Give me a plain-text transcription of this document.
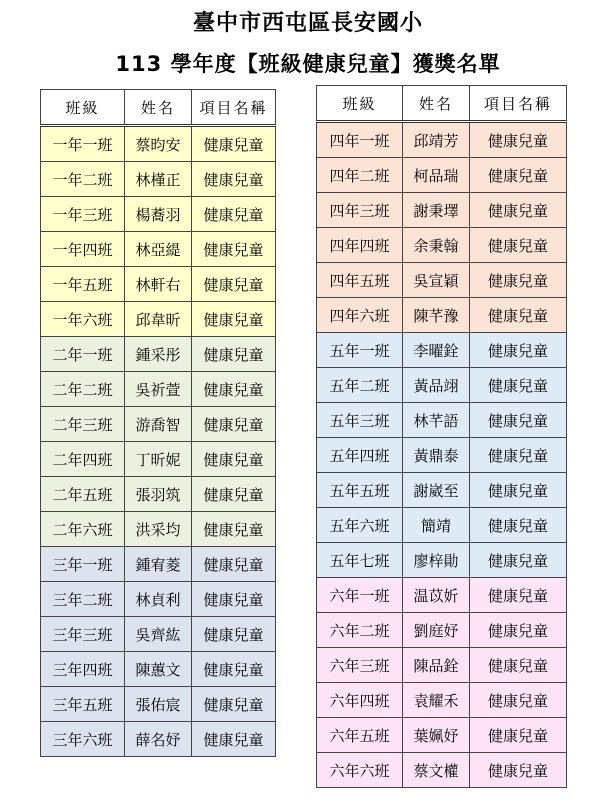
臺中市西屯區長安國小
113 學年度【班級健康兒童】獲獎名單
班級	姓名	項目名稱
一年一班	蔡昀安	健康兒童
一年二班	林槿正	健康兒童
一年三班	楊蕎羽	健康兒童
一年四班	林亞緹	健康兒童
一年五班	林軒右	健康兒童
一年六班	邱韋昕	健康兒童
二年一班	鍾采彤	健康兒童
二年二班	吳祈萱	健康兒童
二年三班	游喬智	健康兒童
二年四班	丁昕妮	健康兒童
二年五班	張羽筑	健康兒童
二年六班	洪采均	健康兒童
三年一班	鍾宥菱	健康兒童
三年二班	林貞利	健康兒童
三年三班	吳齊紘	健康兒童
三年四班	陳蕙文	健康兒童
三年五班	張佑宸	健康兒童
三年六班	薛名妤	健康兒童
班級	姓名	項目名稱
四年一班	邱靖芳	健康兒童
四年二班	柯品瑞	健康兒童
四年三班	謝秉墿	健康兒童
四年四班	余秉翰	健康兒童
四年五班	吳宣穎	健康兒童
四年六班	陳芊豫	健康兒童
五年一班	李曜銓	健康兒童
五年二班	黃品翊	健康兒童
五年三班	林芊語	健康兒童
五年四班	黃鼎泰	健康兒童
五年五班	謝崴至	健康兒童
五年六班	簡靖	健康兒童
五年七班	廖梓勛	健康兒童
六年一班	温苡妡	健康兒童
六年二班	劉庭妤	健康兒童
六年三班	陳品銓	健康兒童
六年四班	袁耀禾	健康兒童
六年五班	葉姵妤	健康兒童
六年六班	蔡文權	健康兒童
